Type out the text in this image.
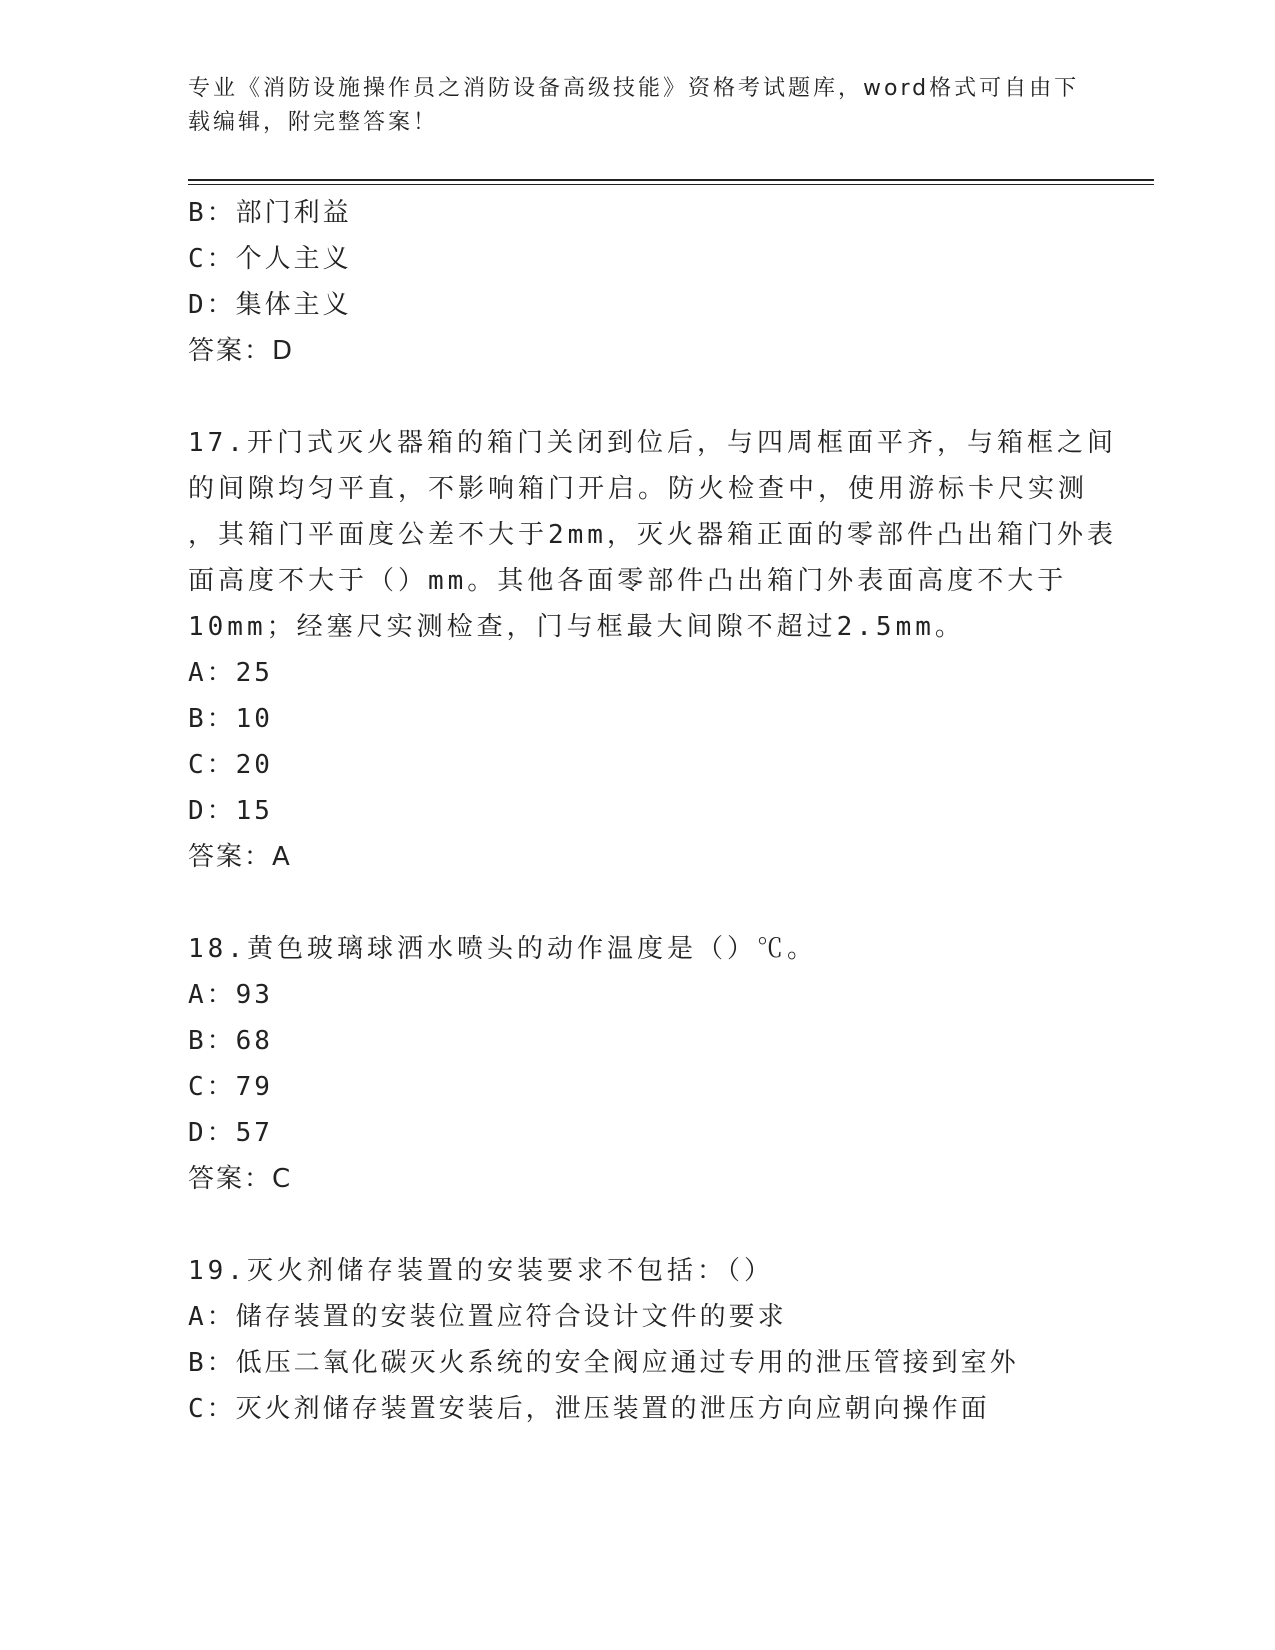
专业《消防设施操作员之消防设备高级技能》资格考试题库，word格式可自由下
载编辑，附完整答案！
B：部门利益
C：个人主义
D：集体主义
答案：D
17.开门式灭火器箱的箱门关闭到位后，与四周框面平齐，与箱框之间
的间隙均匀平直，不影响箱门开启。防火检查中，使用游标卡尺实测
，其箱门平面度公差不大于2mm，灭火器箱正面的零部件凸出箱门外表
面高度不大于（）mm。其他各面零部件凸出箱门外表面高度不大于
10mm；经塞尺实测检查，门与框最大间隙不超过2.5mm。
A：25
B：10
C：20
D：15
答案：A
18.黄色玻璃球洒水喷头的动作温度是（）℃。
A：93
B：68
C：79
D：57
答案：C
19.灭火剂储存装置的安装要求不包括：（）
A：储存装置的安装位置应符合设计文件的要求
B：低压二氧化碳灭火系统的安全阀应通过专用的泄压管接到室外
C：灭火剂储存装置安装后，泄压装置的泄压方向应朝向操作面
